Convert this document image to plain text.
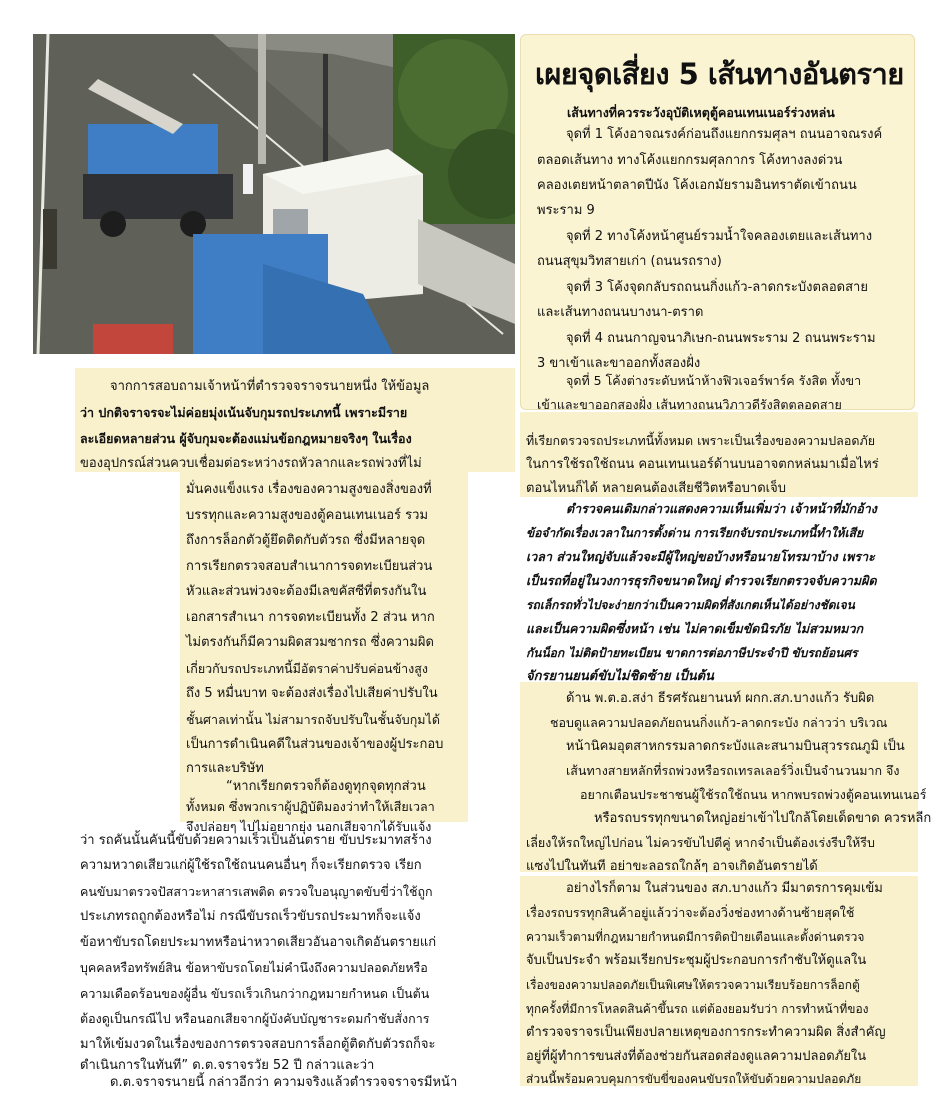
เผยจุดเสี่ยง 5 เส้นทางอันตราย
เส้นทางที่ควรระวังอุบัติเหตุตู้คอนเทนเนอร์ร่วงหล่น
จุดที่ 1 โค้งอาจณรงค์ก่อนถึงแยกกรมศุลฯ ถนนอาจณรงค์
ตลอดเส้นทาง ทางโค้งแยกกรมศุลกากร โค้งทางลงด่วน
คลองเตยหน้าตลาดปีนัง โค้งเอกมัยรามอินทราตัดเข้าถนน
พระราม 9
จุดที่ 2 ทางโค้งหน้าศูนย์รวมน้ำใจคลองเตยและเส้นทาง
ถนนสุขุมวิทสายเก่า (ถนนรถราง)
จุดที่ 3 โค้งจุดกลับรถถนนกิ่งแก้ว-ลาดกระบังตลอดสาย
และเส้นทางถนนบางนา-ตราด
จุดที่ 4 ถนนกาญจนาภิเษก-ถนนพระราม 2 ถนนพระราม
3 ขาเข้าและขาออกทั้งสองฝั่ง
จุดที่ 5 โค้งต่างระดับหน้าห้างฟิวเจอร์พาร์ค รังสิต ทั้งขา
เข้าและขาออกสองฝั่ง เส้นทางถนนวิภาวดีรังสิตตลอดสาย
จากการสอบถามเจ้าหน้าที่ตำรวจจราจรนายหนึ่ง ให้ข้อมูล
ว่า ปกติจราจรจะไม่ค่อยมุ่งเน้นจับกุมรถประเภทนี้ เพราะมีราย
ละเอียดหลายส่วน ผู้จับกุมจะต้องแม่นข้อกฎหมายจริงๆ ในเรื่อง
ของอุปกรณ์ส่วนควบเชื่อมต่อระหว่างรถหัวลากและรถพ่วงที่ไม่
มั่นคงแข็งแรง เรื่องของความสูงของสิ่งของที่
บรรทุกและความสูงของตู้คอนเทนเนอร์ รวม
ถึงการล็อกตัวตู้ยึดติดกับตัวรถ ซึ่งมีหลายจุด
การเรียกตรวจสอบสำเนาการจดทะเบียนส่วน
หัวและส่วนพ่วงจะต้องมีเลขคัสซีที่ตรงกันใน
เอกสารสำเนา การจดทะเบียนทั้ง 2 ส่วน หาก
ไม่ตรงกันก็มีความผิดสวมซากรถ ซึ่งความผิด
เกี่ยวกับรถประเภทนี้มีอัตราค่าปรับค่อนข้างสูง
ถึง 5 หมื่นบาท จะต้องส่งเรื่องไปเสียค่าปรับใน
ชั้นศาลเท่านั้น ไม่สามารถจับปรับในชั้นจับกุมได้
เป็นการดำเนินคดีในส่วนของเจ้าของผู้ประกอบ
การและบริษัท
“หากเรียกตรวจก็ต้องดูทุกจุดทุกส่วน
ทั้งหมด ซึ่งพวกเราผู้ปฏิบัติมองว่าทำให้เสียเวลา
จึงปล่อยๆ ไปไม่อยากยุ่ง นอกเสียจากได้รับแจ้ง
ว่า รถคันนั้นคันนี้ขับด้วยความเร็วเป็นอันตราย ขับประมาทสร้าง
ความหวาดเสียวแก่ผู้ใช้รถใช้ถนนคนอื่นๆ ก็จะเรียกตรวจ เรียก
คนขับมาตรวจปัสสาวะหาสารเสพติด ตรวจใบอนุญาตขับขี่ว่าใช้ถูก
ประเภทรถถูกต้องหรือไม่ กรณีขับรถเร็วขับรถประมาทก็จะแจ้ง
ข้อหาขับรถโดยประมาทหรือน่าหวาดเสียวอันอาจเกิดอันตรายแก่
บุคคลหรือทรัพย์สิน ข้อหาขับรถโดยไม่คำนึงถึงความปลอดภัยหรือ
ความเดือดร้อนของผู้อื่น ขับรถเร็วเกินกว่ากฎหมายกำหนด เป็นต้น
ต้องดูเป็นกรณีไป หรือนอกเสียจากผู้บังคับบัญชาระดมกำชับสั่งการ
มาให้เข้มงวดในเรื่องของการตรวจสอบการล็อกตู้ติดกับตัวรถก็จะ
ดำเนินการในทันที” ด.ต.จราจรวัย 52 ปี กล่าวและว่า
ด.ต.จราจรนายนี้ กล่าวอีกว่า ความจริงแล้วตำรวจจราจรมีหน้า
ที่เรียกตรวจรถประเภทนี้ทั้งหมด เพราะเป็นเรื่องของความปลอดภัย
ในการใช้รถใช้ถนน คอนเทนเนอร์ด้านบนอาจตกหล่นมาเมื่อไหร่
ตอนไหนก็ได้ หลายคนต้องเสียชีวิตหรือบาดเจ็บ
ตำรวจคนเดิมกล่าวแสดงความเห็นเพิ่มว่า เจ้าหน้าที่มักอ้าง
ข้อจำกัดเรื่องเวลาในการตั้งด่าน การเรียกจับรถประเภทนี้ทำให้เสีย
เวลา ส่วนใหญ่จับแล้วจะมีผู้ใหญ่ขอบ้างหรือนายโทรมาบ้าง เพราะ
เป็นรถที่อยู่ในวงการธุรกิจขนาดใหญ่ ตำรวจเรียกตรวจจับความผิด
รถเล็กรถทั่วไปจะง่ายกว่าเป็นความผิดที่สังเกตเห็นได้อย่างชัดเจน
และเป็นความผิดซึ่งหน้า เช่น ไม่คาดเข็มขัดนิรภัย ไม่สวมหมวก
กันน็อก ไม่ติดป้ายทะเบียน ขาดการต่อภาษีประจำปี ขับรถย้อนศร
จักรยานยนต์ขับไม่ชิดซ้าย เป็นต้น
ด้าน พ.ต.อ.สง่า ธีรศรัณยานนท์ ผกก.สภ.บางแก้ว รับผิด
ชอบดูแลความปลอดภัยถนนกิ่งแก้ว-ลาดกระบัง กล่าวว่า บริเวณ
หน้านิคมอุตสาหกรรมลาดกระบังและสนามบินสุวรรณภูมิ เป็น
เส้นทางสายหลักที่รถพ่วงหรือรถเทรลเลอร์วิ่งเป็นจำนวนมาก จึง
อยากเตือนประชาชนผู้ใช้รถใช้ถนน หากพบรถพ่วงตู้คอนเทนเนอร์
หรือรถบรรทุกขนาดใหญ่อย่าเข้าไปใกล้โดยเด็ดขาด ควรหลีก
เลี่ยงให้รถใหญ่ไปก่อน ไม่ควรขับไปตีคู่ หากจำเป็นต้องเร่งรีบให้รีบ
แซงไปในทันที อย่าขะลอรถใกล้ๆ อาจเกิดอันตรายได้
อย่างไรก็ตาม ในส่วนของ สภ.บางแก้ว มีมาตรการคุมเข้ม
เรื่องรถบรรทุกสินค้าอยู่แล้วว่าจะต้องวิ่งช่องทางด้านซ้ายสุดใช้
ความเร็วตามที่กฎหมายกำหนดมีการติดป้ายเตือนและตั้งด่านตรวจ
จับเป็นประจำ พร้อมเรียกประชุมผู้ประกอบการกำชับให้ดูแลใน
เรื่องของความปลอดภัยเป็นพิเศษให้ตรวจความเรียบร้อยการล็อกตู้
ทุกครั้งที่มีการโหลดสินค้าขึ้นรถ แต่ต้องยอมรับว่า การทำหน้าที่ของ
ตำรวจจราจรเป็นเพียงปลายเหตุของการกระทำความผิด สิ่งสำคัญ
อยู่ที่ผู้ทำการขนส่งที่ต้องช่วยกันสอดส่องดูแลความปลอดภัยใน
ส่วนนี้พร้อมควบคุมการขับขี่ของคนขับรถให้ขับด้วยความปลอดภัย
